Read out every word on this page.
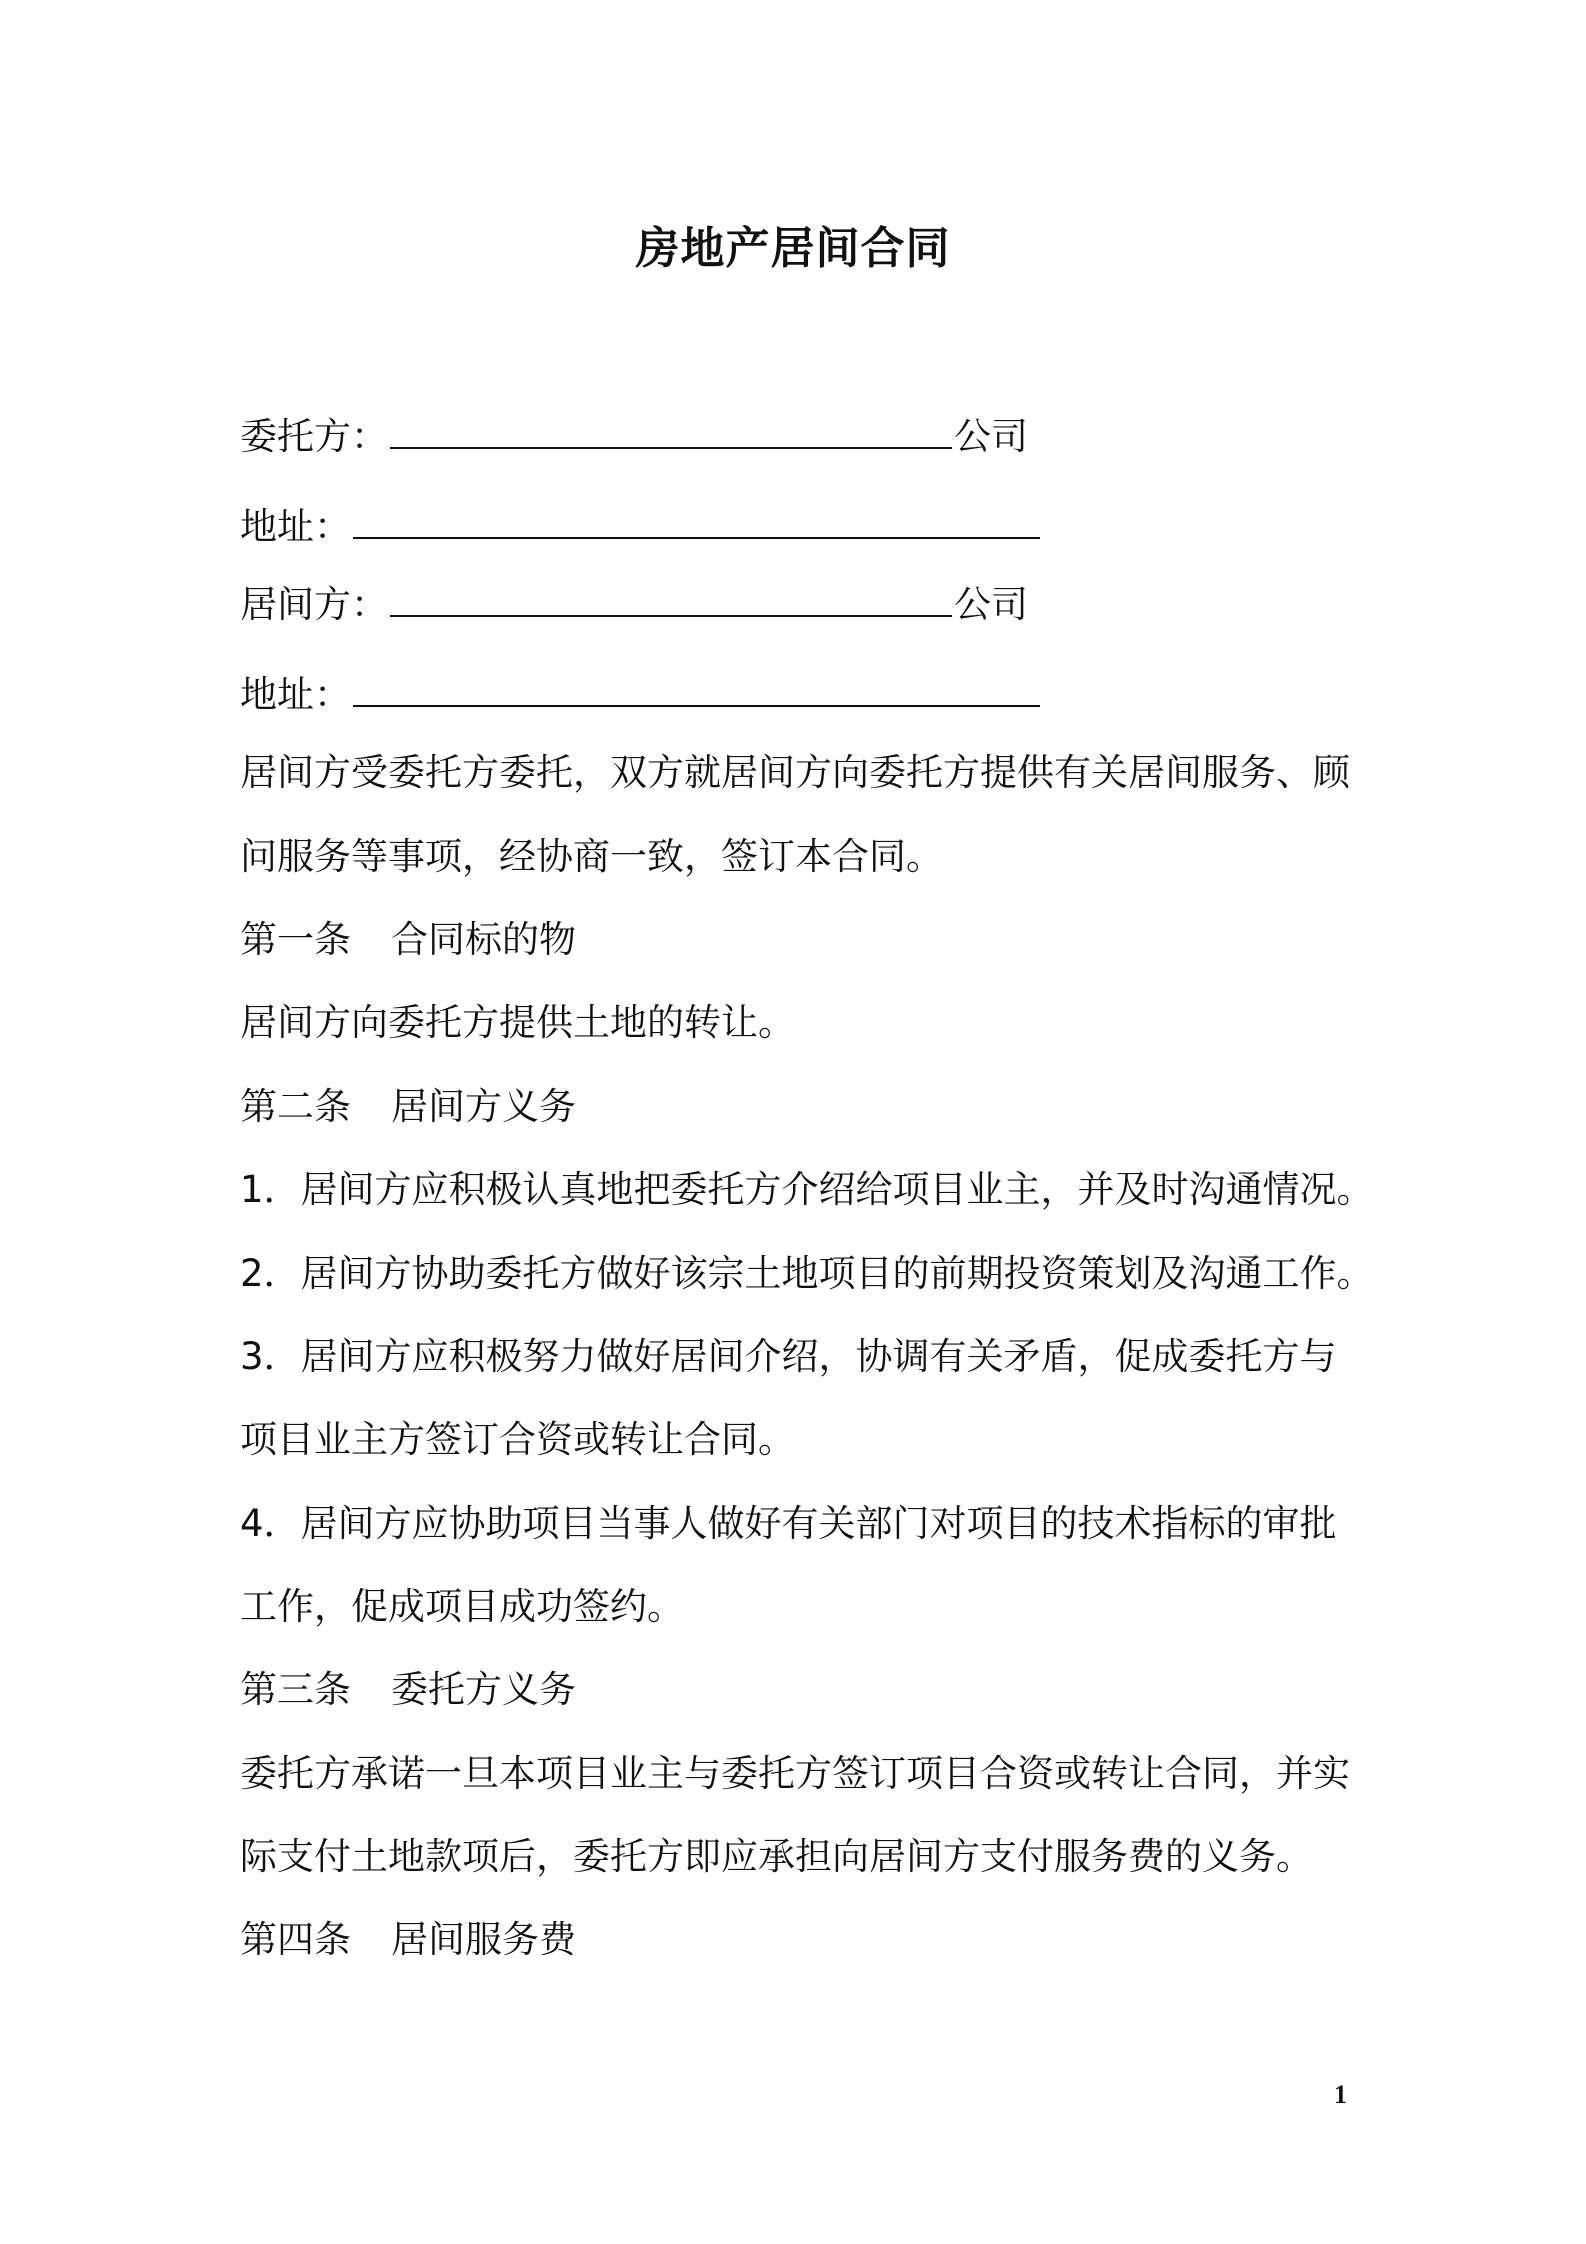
房地产居间合同
委托方：	公司
地址：
居间方：	公司
地址：
居间方受委托方委托，双方就居间方向委托方提供有关居间服务、顾
问服务等事项，经协商一致，签订本合同。
第一条 合同标的物
居间方向委托方提供土地的转让。
第二条 居间方义务
1．居间方应积极认真地把委托方介绍给项目业主，并及时沟通情况。
2．居间方协助委托方做好该宗土地项目的前期投资策划及沟通工作。
3．居间方应积极努力做好居间介绍，协调有关矛盾，促成委托方与
项目业主方签订合资或转让合同。
4．居间方应协助项目当事人做好有关部门对项目的技术指标的审批
工作，促成项目成功签约。
第三条 委托方义务
委托方承诺一旦本项目业主与委托方签订项目合资或转让合同，并实
际支付土地款项后，委托方即应承担向居间方支付服务费的义务。
第四条 居间服务费
1
